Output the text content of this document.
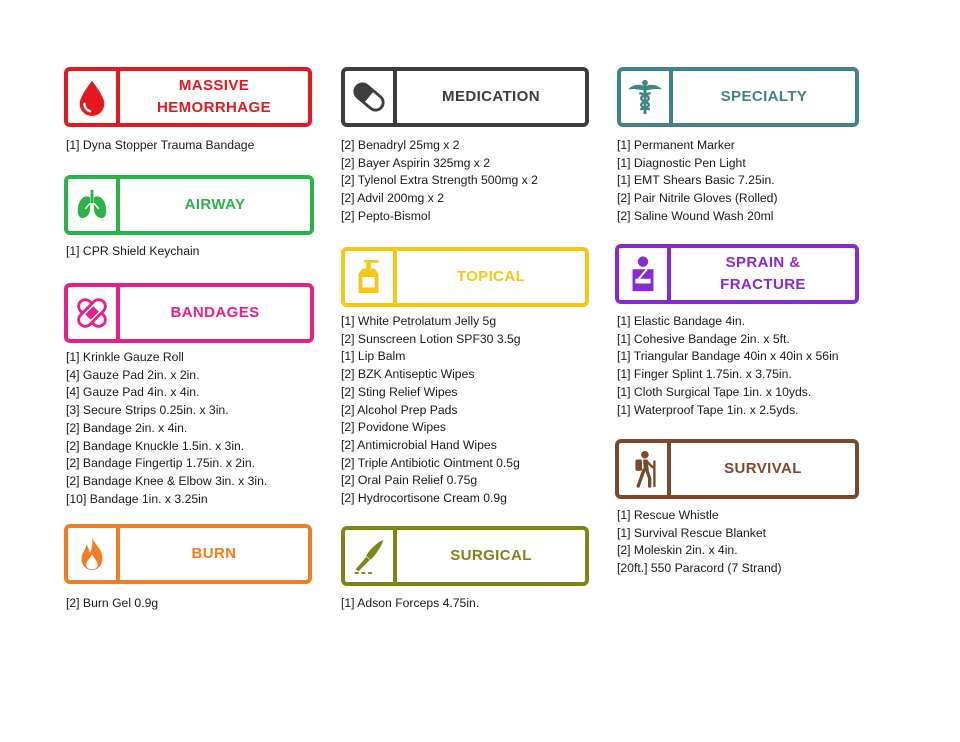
MASSIVE HEMORRHAGE
[1] Dyna Stopper Trauma Bandage
AIRWAY
[1] CPR Shield Keychain
BANDAGES
[1] Krinkle Gauze Roll
[4] Gauze Pad 2in. x 2in.
[4] Gauze Pad 4in. x 4in.
[3] Secure Strips 0.25in. x 3in.
[2] Bandage 2in. x 4in.
[2] Bandage Knuckle 1.5in. x 3in.
[2] Bandage Fingertip 1.75in. x 2in.
[2] Bandage Knee & Elbow 3in. x 3in.
[10] Bandage 1in. x 3.25in
BURN
[2] Burn Gel 0.9g
MEDICATION
[2] Benadryl 25mg x 2
[2] Bayer Aspirin 325mg x 2
[2] Tylenol Extra Strength 500mg x 2
[2] Advil 200mg x 2
[2] Pepto-Bismol
TOPICAL
[1] White Petrolatum Jelly 5g
[2] Sunscreen Lotion SPF30 3.5g
[1] Lip Balm
[2] BZK Antiseptic Wipes
[2] Sting Relief Wipes
[2] Alcohol Prep Pads
[2] Povidone Wipes
[2] Antimicrobial Hand Wipes
[2] Triple Antibiotic Ointment 0.5g
[2] Oral Pain Relief 0.75g
[2] Hydrocortisone Cream 0.9g
SURGICAL
[1] Adson Forceps 4.75in.
SPECIALTY
[1] Permanent Marker
[1] Diagnostic Pen Light
[1] EMT Shears Basic 7.25in.
[2] Pair Nitrile Gloves (Rolled)
[2] Saline Wound Wash 20ml
SPRAIN & FRACTURE
[1] Elastic Bandage 4in.
[1] Cohesive Bandage 2in. x 5ft.
[1] Triangular Bandage 40in x 40in x 56in
[1] Finger Splint 1.75in. x 3.75in.
[1] Cloth Surgical Tape 1in. x 10yds.
[1] Waterproof Tape 1in. x 2.5yds.
SURVIVAL
[1] Rescue Whistle
[1] Survival Rescue Blanket
[2] Moleskin 2in. x 4in.
[20ft.] 550 Paracord (7 Strand)
